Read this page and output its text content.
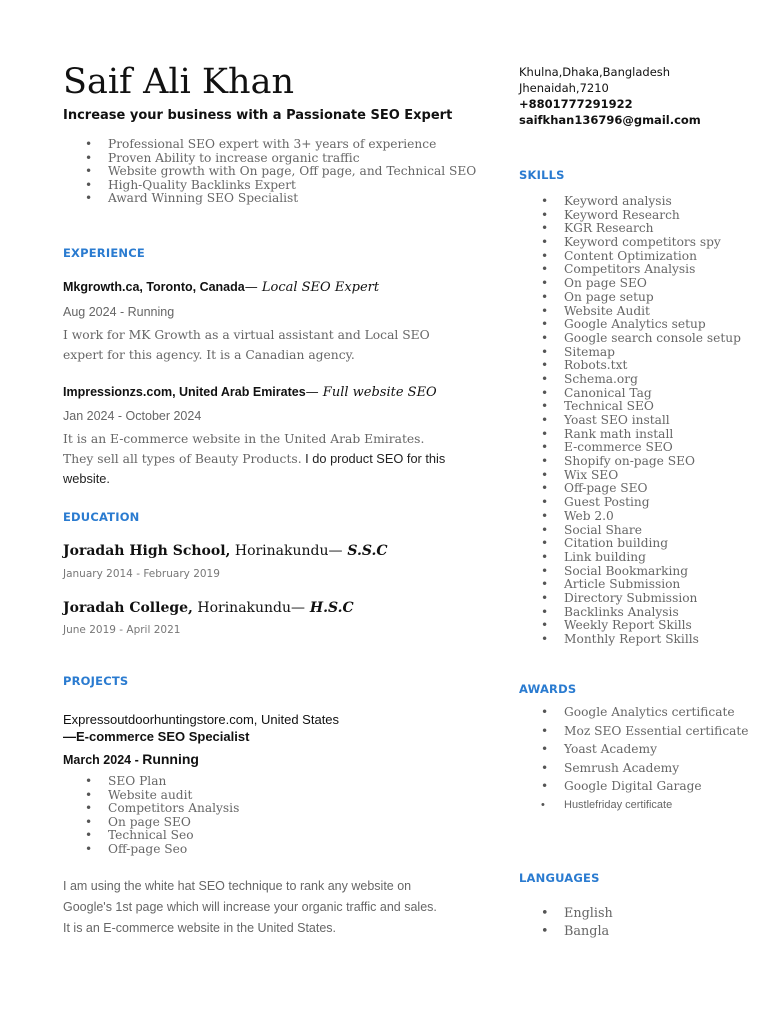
Saif Ali Khan
Increase your business with a Passionate SEO Expert
• Professional SEO expert with 3+ years of experience
• Proven Ability to increase organic traffic
• Website growth with On page, Off page, and Technical SEO
• High-Quality Backlinks Expert
• Award Winning SEO Specialist
EXPERIENCE
Mkgrowth.ca, Toronto, Canada— Local SEO Expert
Aug 2024 - Running
I work for MK Growth as a virtual assistant and Local SEO expert for this agency. It is a Canadian agency.
Impressionzs.com, United Arab Emirates— Full website SEO
Jan 2024 - October 2024
It is an E-commerce website in the United Arab Emirates. They sell all types of Beauty Products. I do product SEO for this website.
EDUCATION
Joradah High School, Horinakundu— S.S.C
January 2014 - February 2019
Joradah College, Horinakundu— H.S.C
June 2019 - April 2021
PROJECTS
Expressoutdoorhuntingstore.com, United States
—E-commerce SEO Specialist
March 2024 - Running
• SEO Plan
• Website audit
• Competitors Analysis
• On page SEO
• Technical Seo
• Off-page Seo
I am using the white hat SEO technique to rank any website on Google's 1st page which will increase your organic traffic and sales. It is an E-commerce website in the United States.
Khulna,Dhaka,Bangladesh
Jhenaidah,7210
+8801777291922
saifkhan136796@gmail.com
SKILLS
• Keyword analysis
• Keyword Research
• KGR Research
• Keyword competitors spy
• Content Optimization
• Competitors Analysis
• On page SEO
• On page setup
• Website Audit
• Google Analytics setup
• Google search console setup
• Sitemap
• Robots.txt
• Schema.org
• Canonical Tag
• Technical SEO
• Yoast SEO install
• Rank math install
• E-commerce SEO
• Shopify on-page SEO
• Wix SEO
• Off-page SEO
• Guest Posting
• Web 2.0
• Social Share
• Citation building
• Link building
• Social Bookmarking
• Article Submission
• Directory Submission
• Backlinks Analysis
• Weekly Report Skills
• Monthly Report Skills
AWARDS
• Google Analytics certificate
• Moz SEO Essential certificate
• Yoast Academy
• Semrush Academy
• Google Digital Garage
• Hustlefriday certificate
LANGUAGES
• English
• Bangla
